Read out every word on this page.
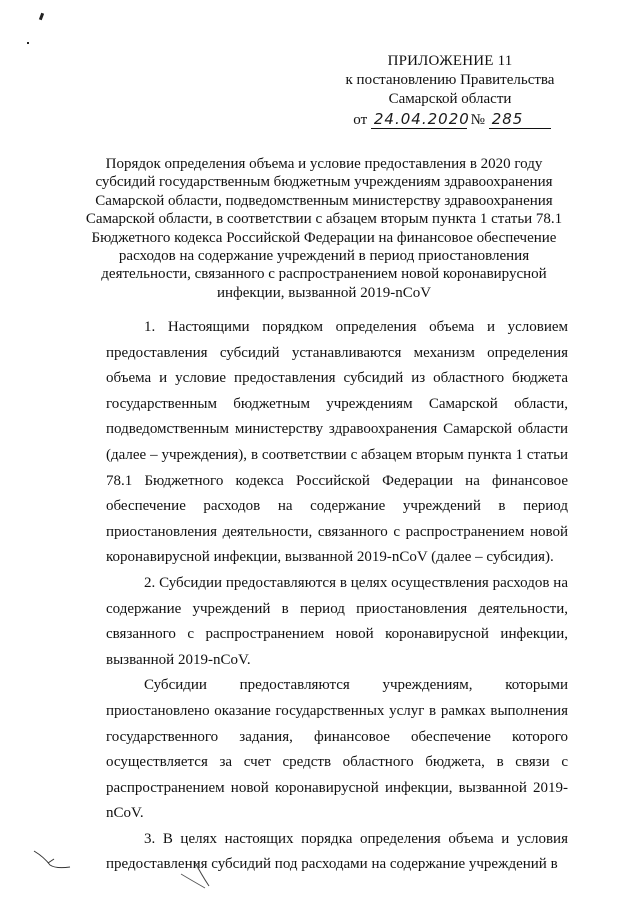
ПРИЛОЖЕНИЕ 11
к постановлению Правительства
Самарской области
от 24.04.2020 № 285
Порядок определения объема и условие предоставления в 2020 году субсидий государственным бюджетным учреждениям здравоохранения Самарской области, подведомственным министерству здравоохранения Самарской области, в соответствии с абзацем вторым пункта 1 статьи 78.1 Бюджетного кодекса Российской Федерации на финансовое обеспечение расходов на содержание учреждений в период приостановления деятельности, связанного с распространением новой коронавирусной инфекции, вызванной 2019-nCoV

1. Настоящими порядком определения объема и условием предоставления субсидий устанавливаются механизм определения объема и условие предоставления субсидий из областного бюджета государственным бюджетным учреждениям Самарской области, подведомственным министерству здравоохранения Самарской области (далее – учреждения), в соответствии с абзацем вторым пункта 1 статьи 78.1 Бюджетного кодекса Российской Федерации на финансовое обеспечение расходов на содержание учреждений в период приостановления деятельности, связанного с распространением новой коронавирусной инфекции, вызванной 2019-nCoV (далее – субсидия).

2. Субсидии предоставляются в целях осуществления расходов на содержание учреждений в период приостановления деятельности, связанного с распространением новой коронавирусной инфекции, вызванной 2019-nCoV.

Субсидии предоставляются учреждениям, которыми приостановлено оказание государственных услуг в рамках выполнения государственного задания, финансовое обеспечение которого осуществляется за счет средств областного бюджета, в связи с распространением новой коронавирусной инфекции, вызванной 2019-nCoV.

3. В целях настоящих порядка определения объема и условия предоставления субсидий под расходами на содержание учреждений в
